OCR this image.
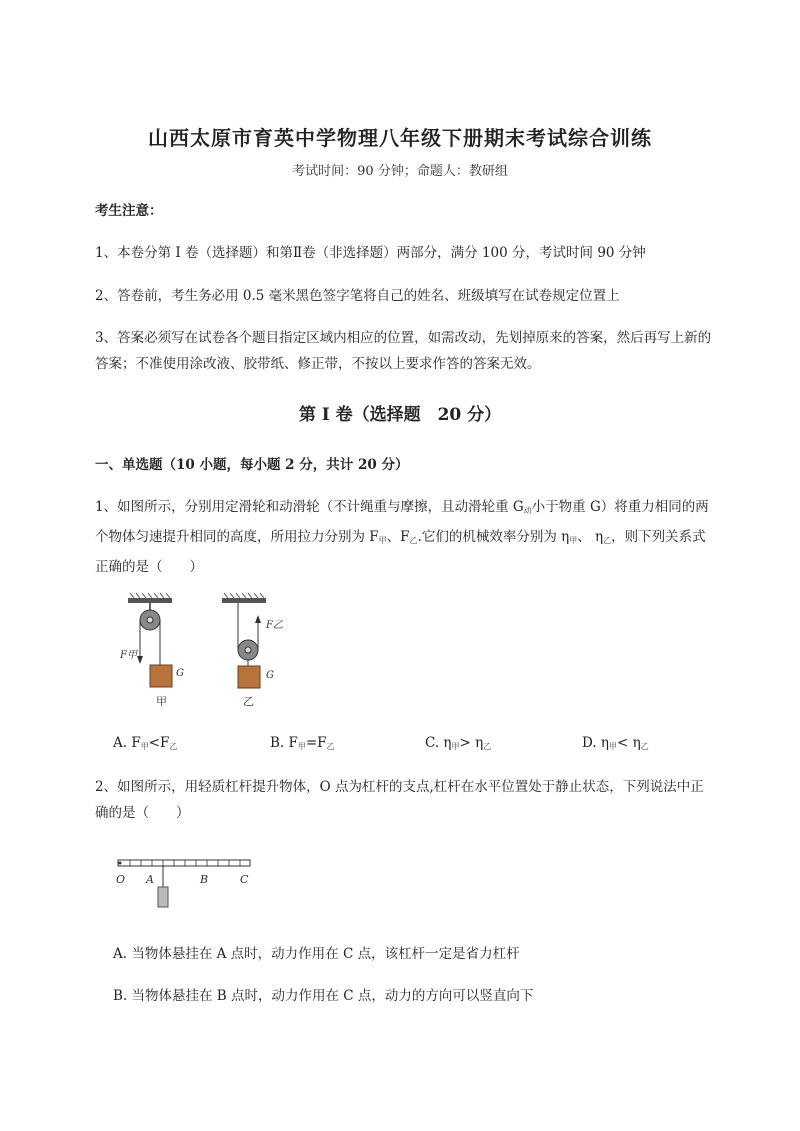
山西太原市育英中学物理八年级下册期末考试综合训练
考试时间：90 分钟；命题人：教研组
考生注意：
1、本卷分第 I 卷（选择题）和第Ⅱ卷（非选择题）两部分，满分 100 分，考试时间 90 分钟
2、答卷前，考生务必用 0.5 毫米黑色签字笔将自己的姓名、班级填写在试卷规定位置上
3、答案必须写在试卷各个题目指定区域内相应的位置，如需改动，先划掉原来的答案，然后再写上新的答案；不准使用涂改液、胶带纸、修正带，不按以上要求作答的答案无效。
第 I 卷（选择题　20 分）
一、单选题（10 小题，每小题 2 分，共计 20 分）
1、如图所示，分别用定滑轮和动滑轮（不计绳重与摩擦，且动滑轮重 $G_动$小于物重 G）将重力相同的两个物体匀速提升相同的高度，所用拉力分别为 $F_甲$、$F_乙$.它们的机械效率分别为 $\eta_甲$、 $\eta_乙$，则下列关系式正确的是（　　）
F甲
G
甲
F乙
G
乙
A. $F_甲<F_乙$	B. $F_甲=F_乙$	C. $\eta_甲> \eta_乙$	D. $\eta_甲< \eta_乙$
2、如图所示，用轻质杠杆提升物体，O 点为杠杆的支点,杠杆在水平位置处于静止状态，下列说法中正确的是（　　）
O A	B	C
A. 当物体悬挂在 A 点时，动力作用在 C 点，该杠杆一定是省力杠杆
B. 当物体悬挂在 B 点时，动力作用在 C 点，动力的方向可以竖直向下
